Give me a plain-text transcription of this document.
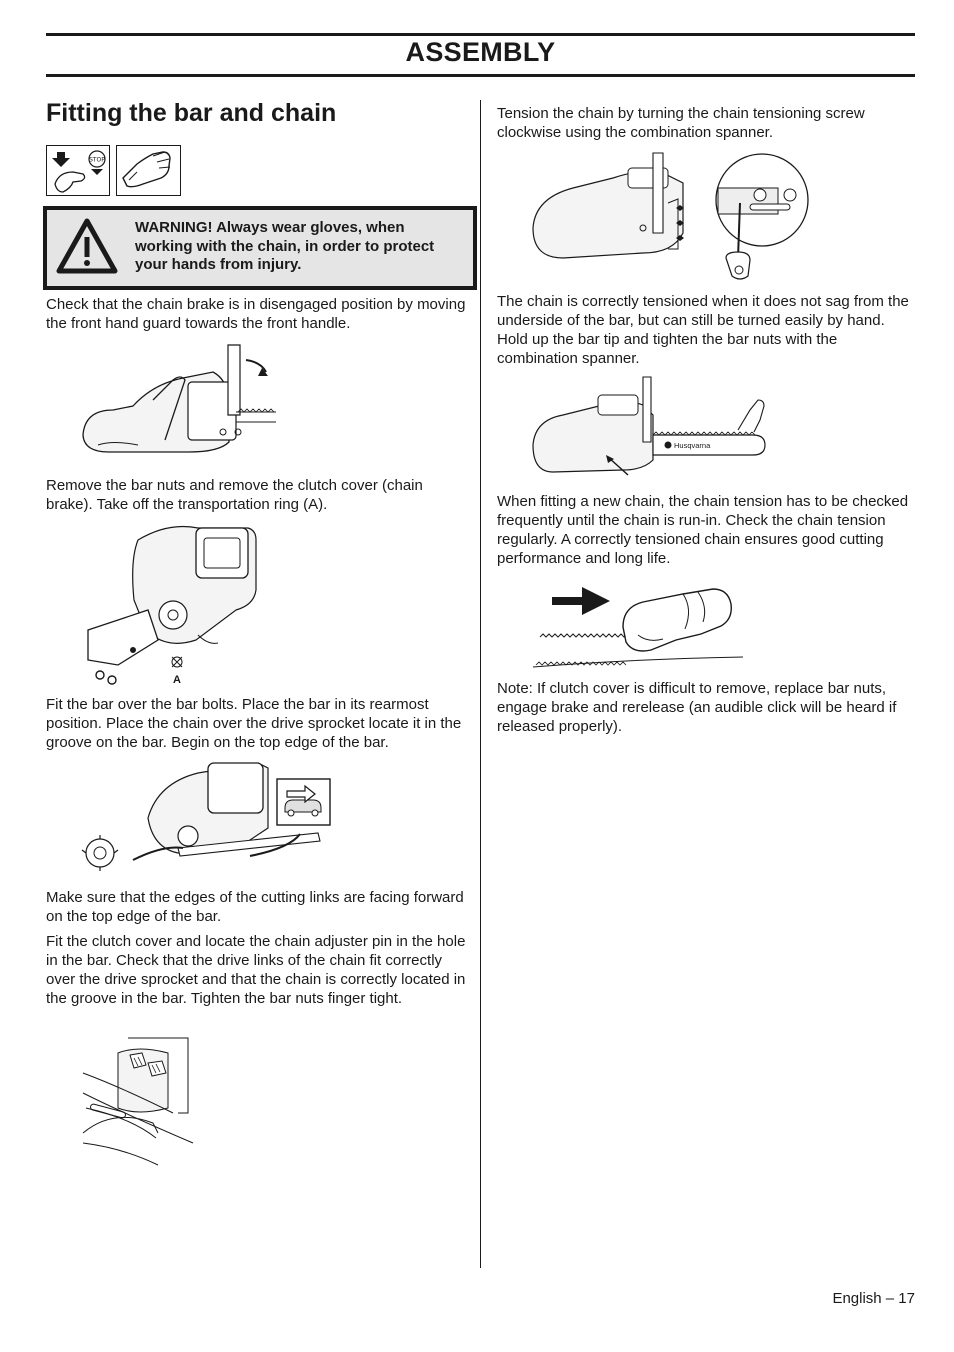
ASSEMBLY
Fitting the bar and chain
STOP
WARNING! Always wear gloves, when working with the chain, in order to protect your hands from injury.

Check that the chain brake is in disengaged position by moving the front hand guard towards the front handle.

Remove the bar nuts and remove the clutch cover (chain brake). Take off the transportation ring (A).

A

Fit the bar over the bar bolts. Place the bar in its rearmost position. Place the chain over the drive sprocket locate it in the groove on the bar. Begin on the top edge of the bar.

Make sure that the edges of the cutting links are facing forward on the top edge of the bar.

Fit the clutch cover and locate the chain adjuster pin in the hole in the bar. Check that the drive links of the chain fit correctly over the drive sprocket and that the chain is correctly located in the groove in the bar. Tighten the bar nuts finger tight.

Tension the chain by turning the chain tensioning screw clockwise using the combination spanner.

The chain is correctly tensioned when it does not sag from the underside of the bar, but can still be turned easily by hand. Hold up the bar tip and tighten the bar nuts with the combination spanner.

Husqvarna

When fitting a new chain, the chain tension has to be checked frequently until the chain is run-in. Check the chain tension regularly. A correctly tensioned chain ensures good cutting performance and long life.

Note: If clutch cover is difficult to remove, replace bar nuts, engage brake and rerelease (an audible click will be heard if released properly).

English – 17
